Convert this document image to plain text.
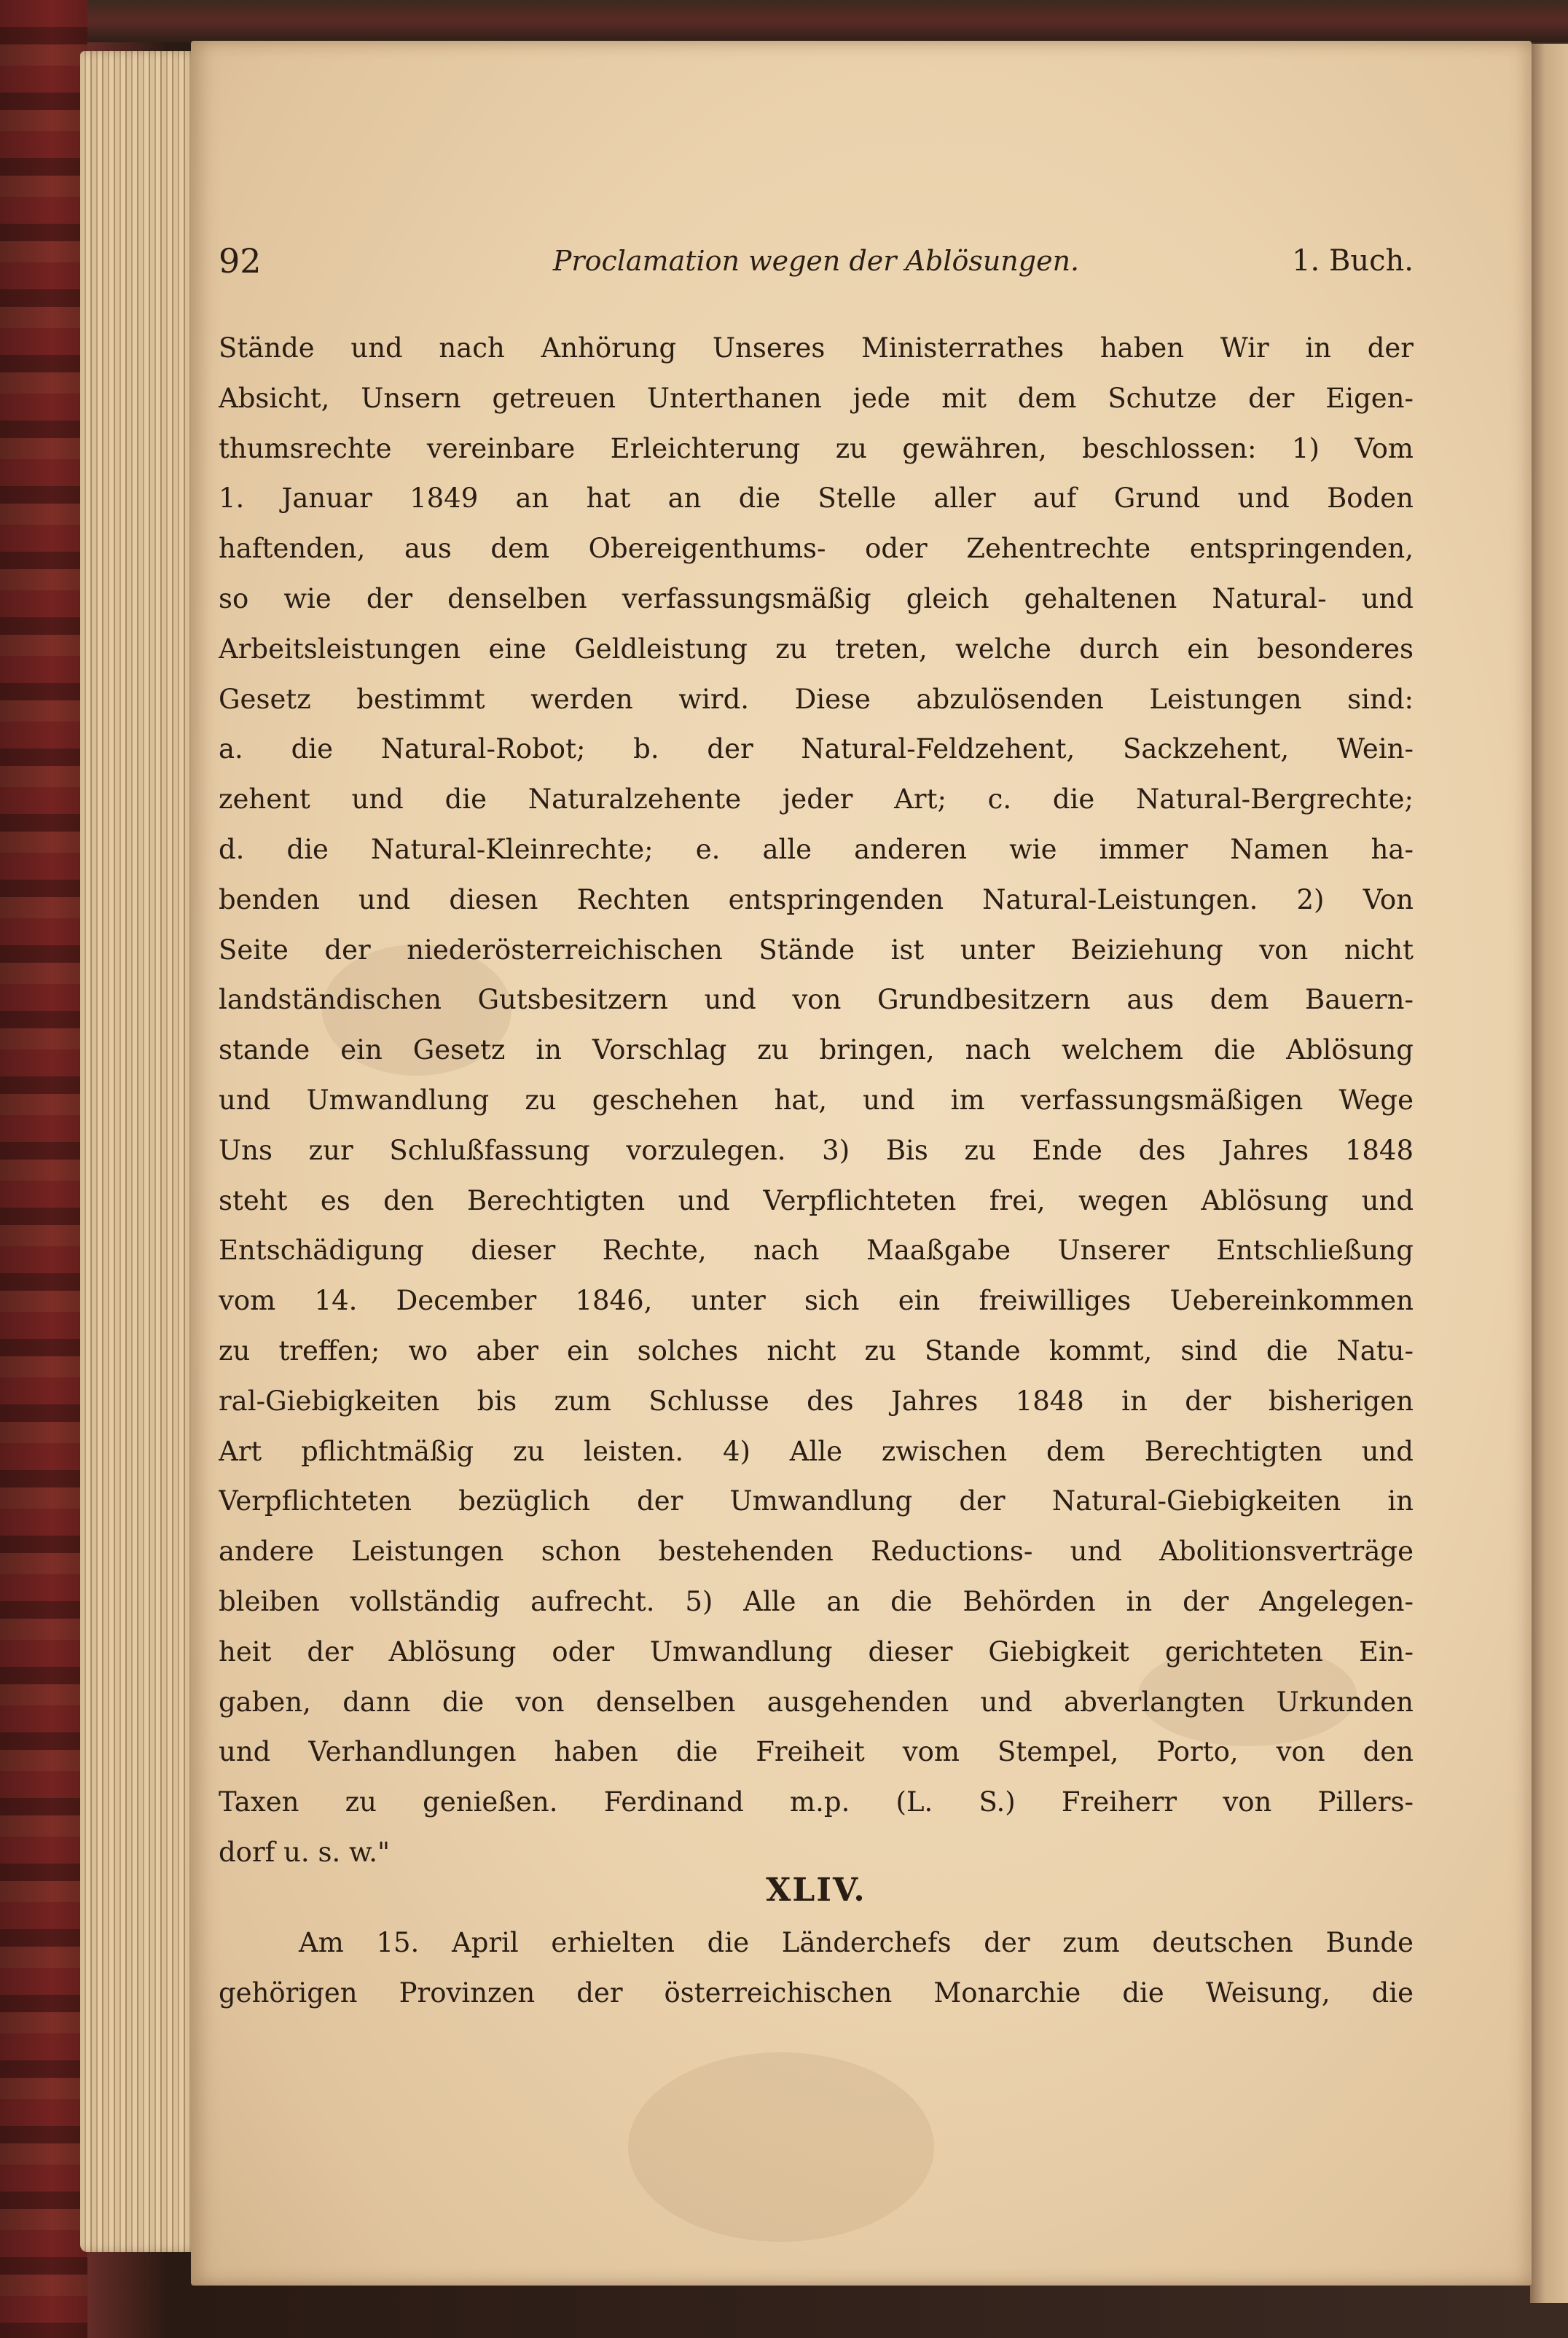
92	Proclamation wegen der Ablösungen.	1. Buch.
Stände und nach Anhörung Unseres Ministerrathes haben Wir in der
Absicht, Unsern getreuen Unterthanen jede mit dem Schutze der Eigen-
thumsrechte vereinbare Erleichterung zu gewähren, beschlossen: 1) Vom
1. Januar 1849 an hat an die Stelle aller auf Grund und Boden
haftenden, aus dem Obereigenthums- oder Zehentrechte entspringenden,
so wie der denselben verfassungsmäßig gleich gehaltenen Natural- und
Arbeitsleistungen eine Geldleistung zu treten, welche durch ein besonderes
Gesetz bestimmt werden wird. Diese abzulösenden Leistungen sind:
a. die Natural-Robot; b. der Natural-Feldzehent, Sackzehent, Wein-
zehent und die Naturalzehente jeder Art; c. die Natural-Bergrechte;
d. die Natural-Kleinrechte; e. alle anderen wie immer Namen ha-
benden und diesen Rechten entspringenden Natural-Leistungen. 2) Von
Seite der niederösterreichischen Stände ist unter Beiziehung von nicht
landständischen Gutsbesitzern und von Grundbesitzern aus dem Bauern-
stande ein Gesetz in Vorschlag zu bringen, nach welchem die Ablösung
und Umwandlung zu geschehen hat, und im verfassungsmäßigen Wege
Uns zur Schlußfassung vorzulegen. 3) Bis zu Ende des Jahres 1848
steht es den Berechtigten und Verpflichteten frei, wegen Ablösung und
Entschädigung dieser Rechte, nach Maaßgabe Unserer Entschließung
vom 14. December 1846, unter sich ein freiwilliges Uebereinkommen
zu treffen; wo aber ein solches nicht zu Stande kommt, sind die Natu-
ral-Giebigkeiten bis zum Schlusse des Jahres 1848 in der bisherigen
Art pflichtmäßig zu leisten. 4) Alle zwischen dem Berechtigten und
Verpflichteten bezüglich der Umwandlung der Natural-Giebigkeiten in
andere Leistungen schon bestehenden Reductions- und Abolitionsverträge
bleiben vollständig aufrecht. 5) Alle an die Behörden in der Angelegen-
heit der Ablösung oder Umwandlung dieser Giebigkeit gerichteten Ein-
gaben, dann die von denselben ausgehenden und abverlangten Urkunden
und Verhandlungen haben die Freiheit vom Stempel, Porto, von den
Taxen zu genießen. Ferdinand m.p. (L. S.) Freiherr von Pillers-
dorf u. s. w."
XLIV.
Am 15. April erhielten die Länderchefs der zum deutschen Bunde
gehörigen Provinzen der österreichischen Monarchie die Weisung, die
